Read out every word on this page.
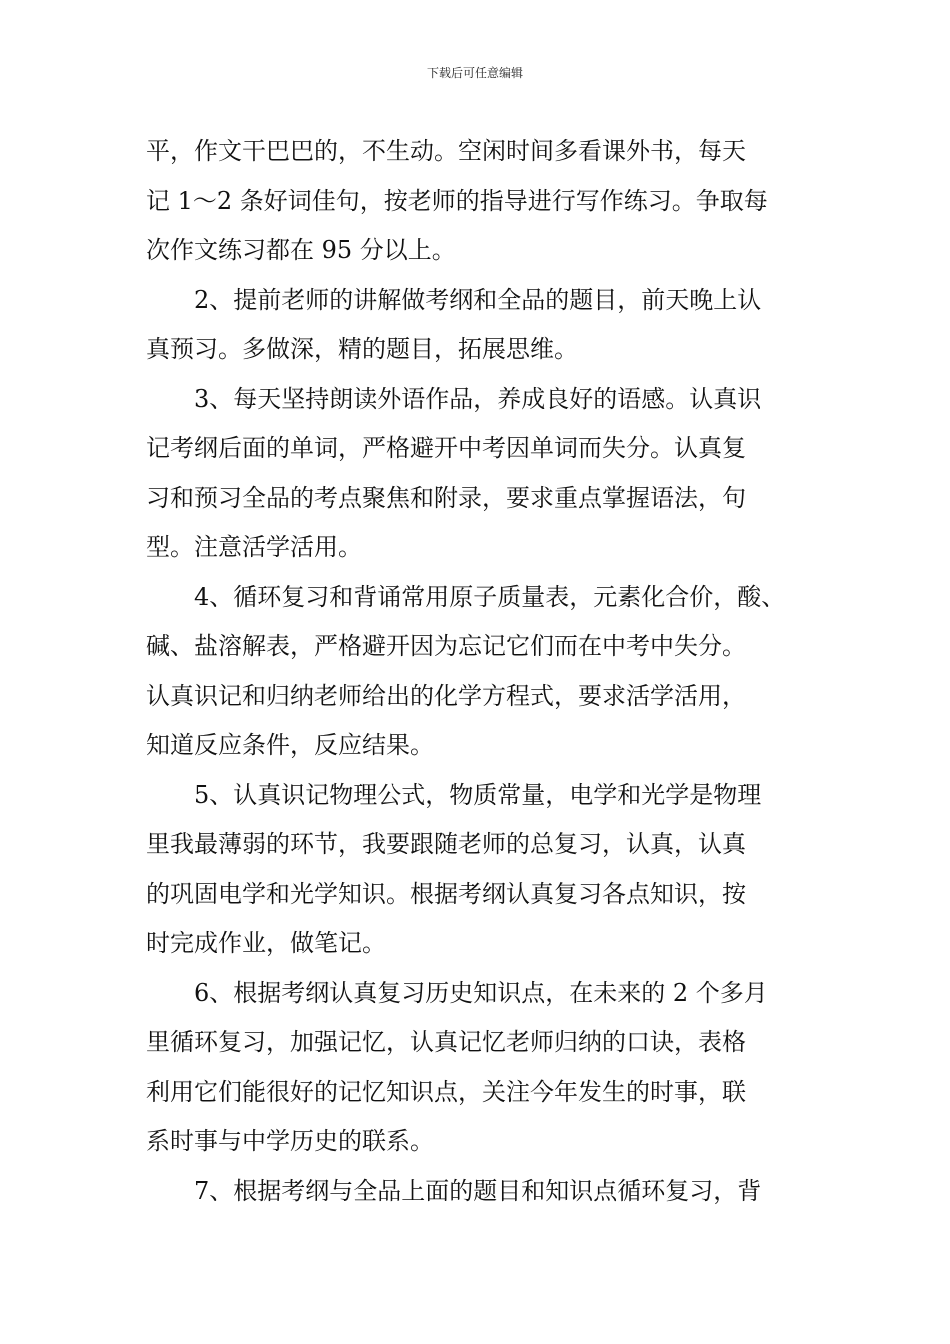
下载后可任意编辑

平，作文干巴巴的，不生动。空闲时间多看课外书，每天
记 1～2 条好词佳句，按老师的指导进行写作练习。争取每
次作文练习都在 95 分以上。

2、提前老师的讲解做考纲和全品的题目，前天晚上认
真预习。多做深，精的题目，拓展思维。

3、每天坚持朗读外语作品，养成良好的语感。认真识
记考纲后面的单词，严格避开中考因单词而失分。认真复
习和预习全品的考点聚焦和附录，要求重点掌握语法，句
型。注意活学活用。

4、循环复习和背诵常用原子质量表，元素化合价，酸、
碱、盐溶解表，严格避开因为忘记它们而在中考中失分。
认真识记和归纳老师给出的化学方程式，要求活学活用，
知道反应条件，反应结果。

5、认真识记物理公式，物质常量，电学和光学是物理
里我最薄弱的环节，我要跟随老师的总复习，认真，认真
的巩固电学和光学知识。根据考纲认真复习各点知识，按
时完成作业，做笔记。

6、根据考纲认真复习历史知识点，在未来的 2 个多月
里循环复习，加强记忆，认真记忆老师归纳的口诀，表格
利用它们能很好的记忆知识点，关注今年发生的时事，联
系时事与中学历史的联系。

7、根据考纲与全品上面的题目和知识点循环复习，背
